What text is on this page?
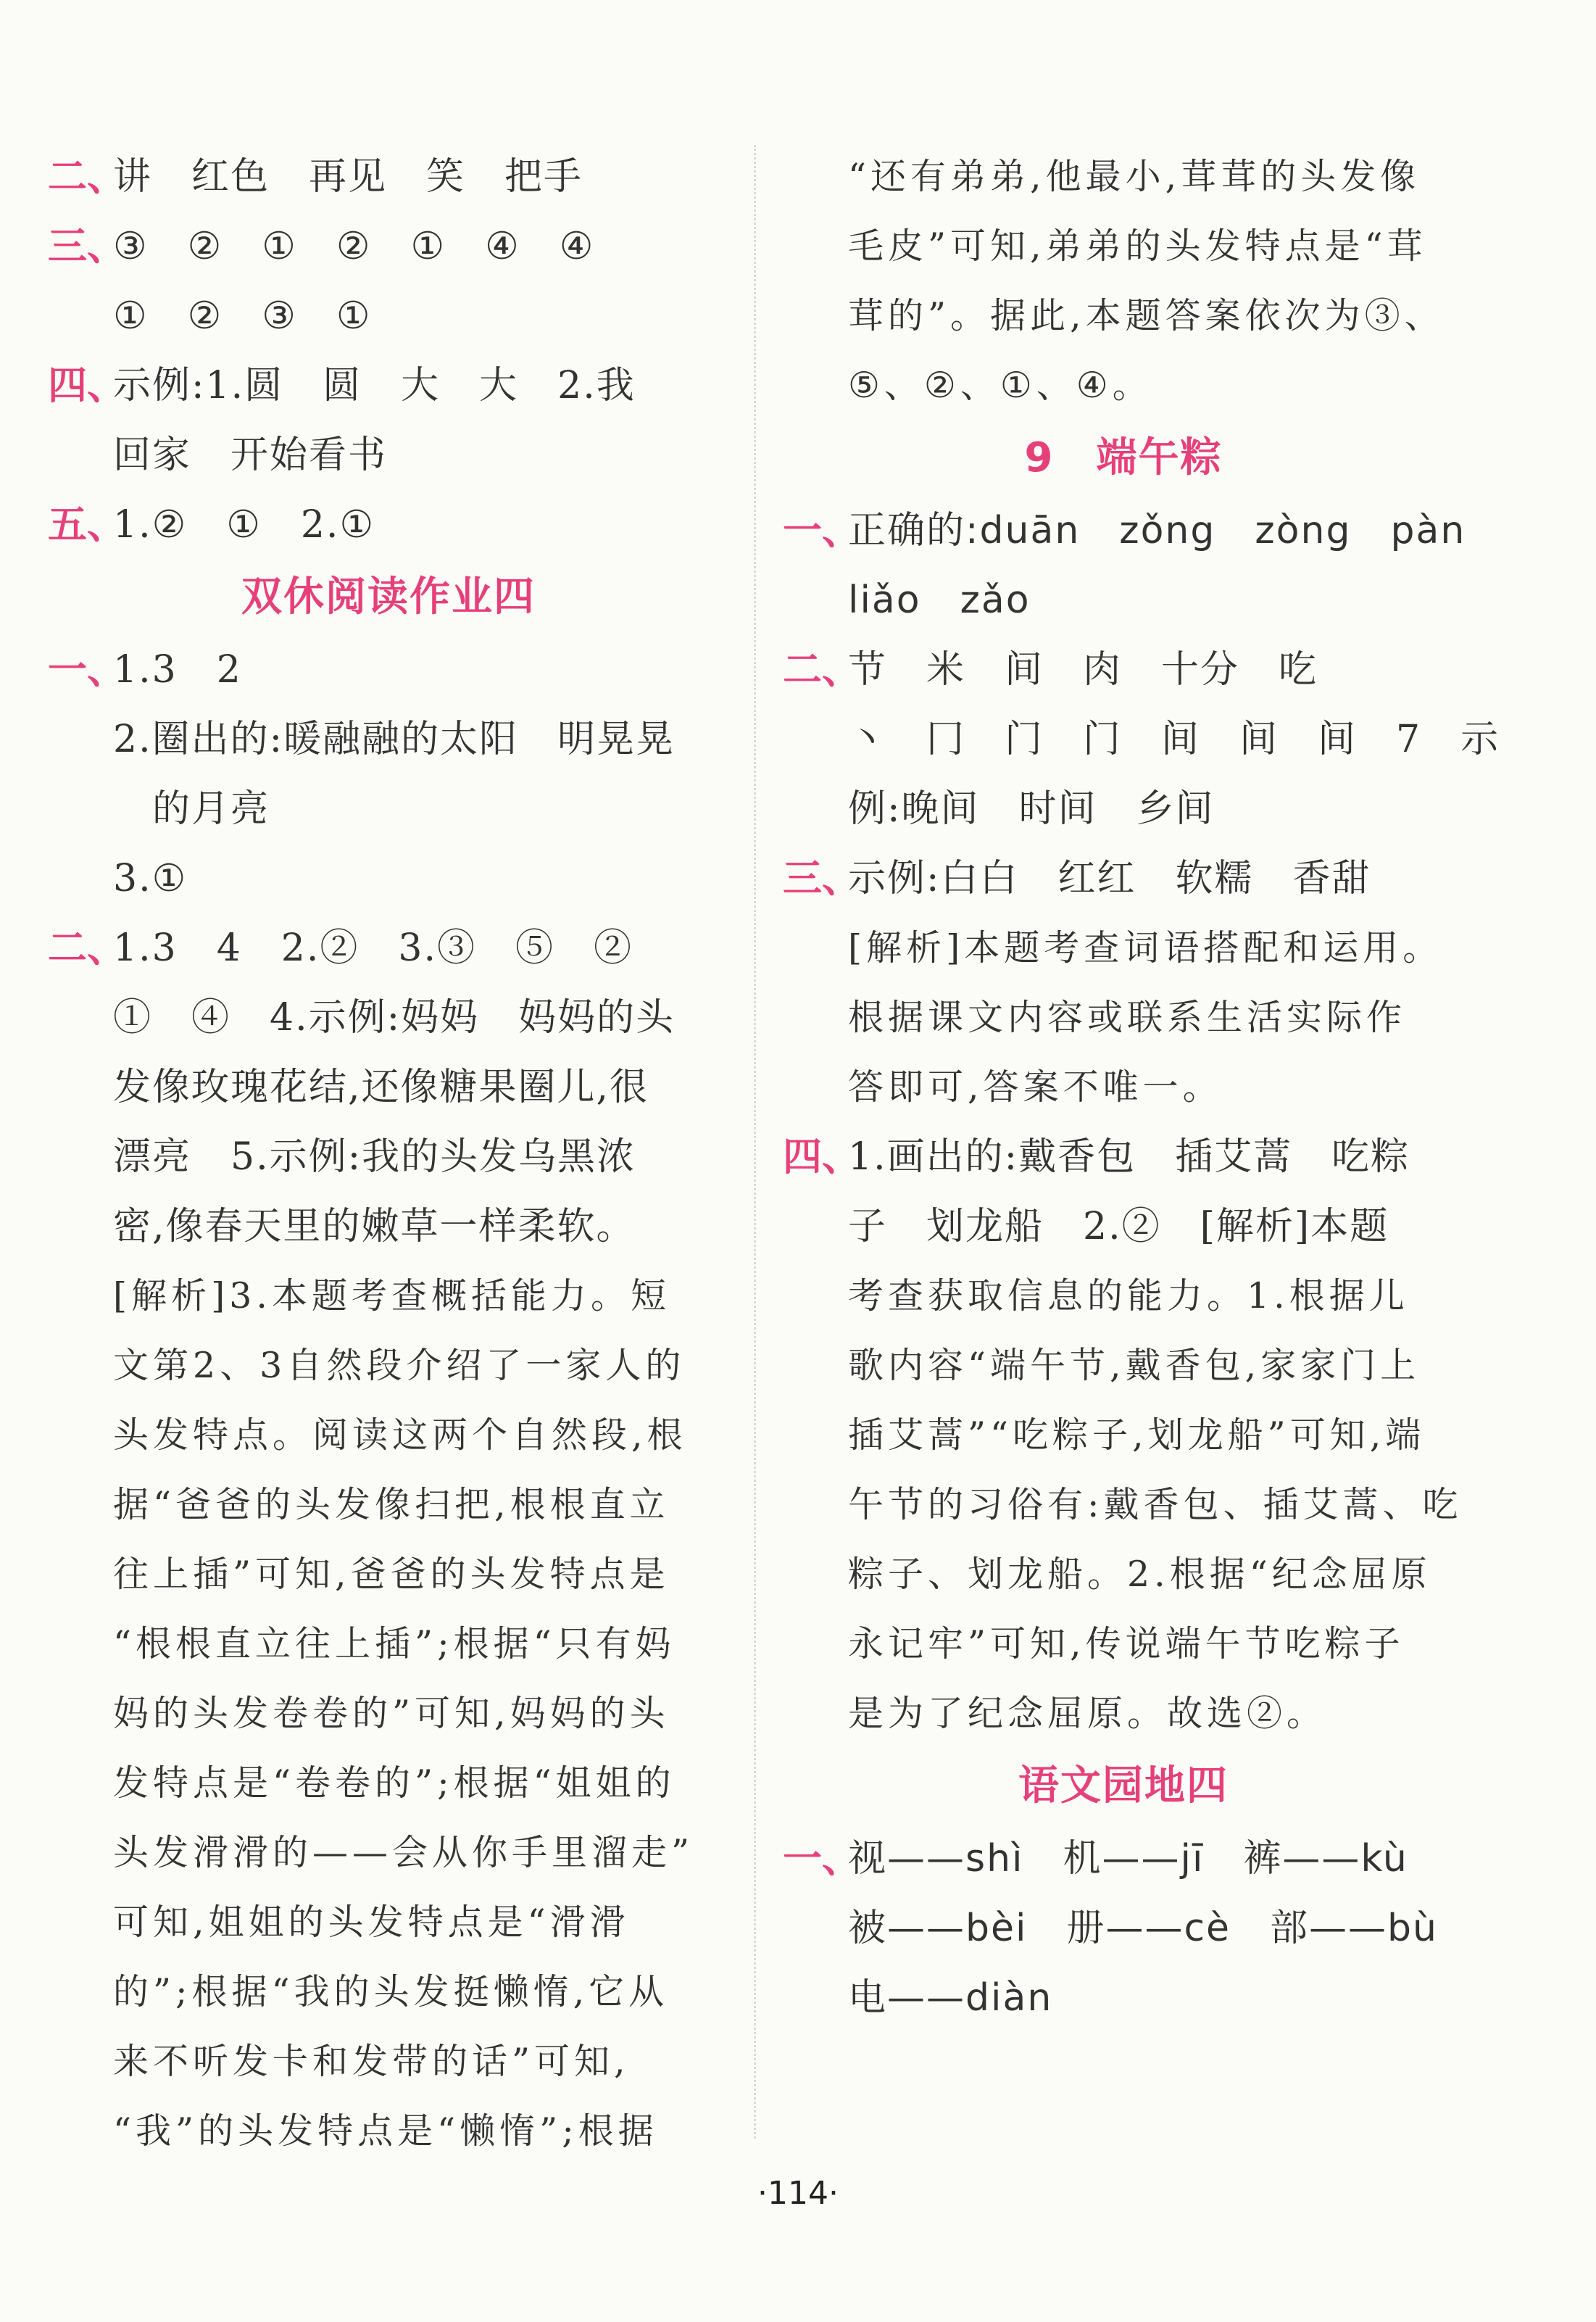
二、
讲　红色　再见　笑　把手
三、
③　②　①　②　①　④　④
①　②　③　①
四、
示例:1.圆　圆　大　大　2.我
回家　开始看书
五、
1.②　①　2.①
双休阅读作业四
一、
1.3　2
2.圈出的:暖融融的太阳　明晃晃
　的月亮
3.①
二、
1.3　4　2.②　3.③　⑤　②
①　④　4.示例:妈妈　妈妈的头
发像玫瑰花结,还像糖果圈儿,很
漂亮　5.示例:我的头发乌黑浓
密,像春天里的嫩草一样柔软。
[解析]3.本题考查概括能力。短
文第2、3自然段介绍了一家人的
头发特点。阅读这两个自然段,根
据“爸爸的头发像扫把,根根直立
往上插”可知,爸爸的头发特点是
“根根直立往上插”;根据“只有妈
妈的头发卷卷的”可知,妈妈的头
发特点是“卷卷的”;根据“姐姐的
头发滑滑的——会从你手里溜走”
可知,姐姐的头发特点是“滑滑
的”;根据“我的头发挺懒惰,它从
来不听发卡和发带的话”可知,
“我”的头发特点是“懒惰”;根据
“还有弟弟,他最小,茸茸的头发像
毛皮”可知,弟弟的头发特点是“茸
茸的”。据此,本题答案依次为③、
⑤、②、①、④。
9　端午粽
一、
正确的:duān　zǒng　zòng　pàn
liǎo　zǎo
二、
节　米　间　肉　十分　吃
丶　冂　门　门　间　间　间　7　示
例:晚间　时间　乡间
三、
示例:白白　红红　软糯　香甜
[解析]本题考查词语搭配和运用。
根据课文内容或联系生活实际作
答即可,答案不唯一。
四、
1.画出的:戴香包　插艾蒿　吃粽
子　划龙船　2.②　[解析]本题
考查获取信息的能力。1.根据儿
歌内容“端午节,戴香包,家家门上
插艾蒿”“吃粽子,划龙船”可知,端
午节的习俗有:戴香包、插艾蒿、吃
粽子、划龙船。2.根据“纪念屈原
永记牢”可知,传说端午节吃粽子
是为了纪念屈原。故选②。
语文园地四
一、
视——shì　机——jī　裤——kù
被——bèi　册——cè　部——bù
电——diàn
·114·
